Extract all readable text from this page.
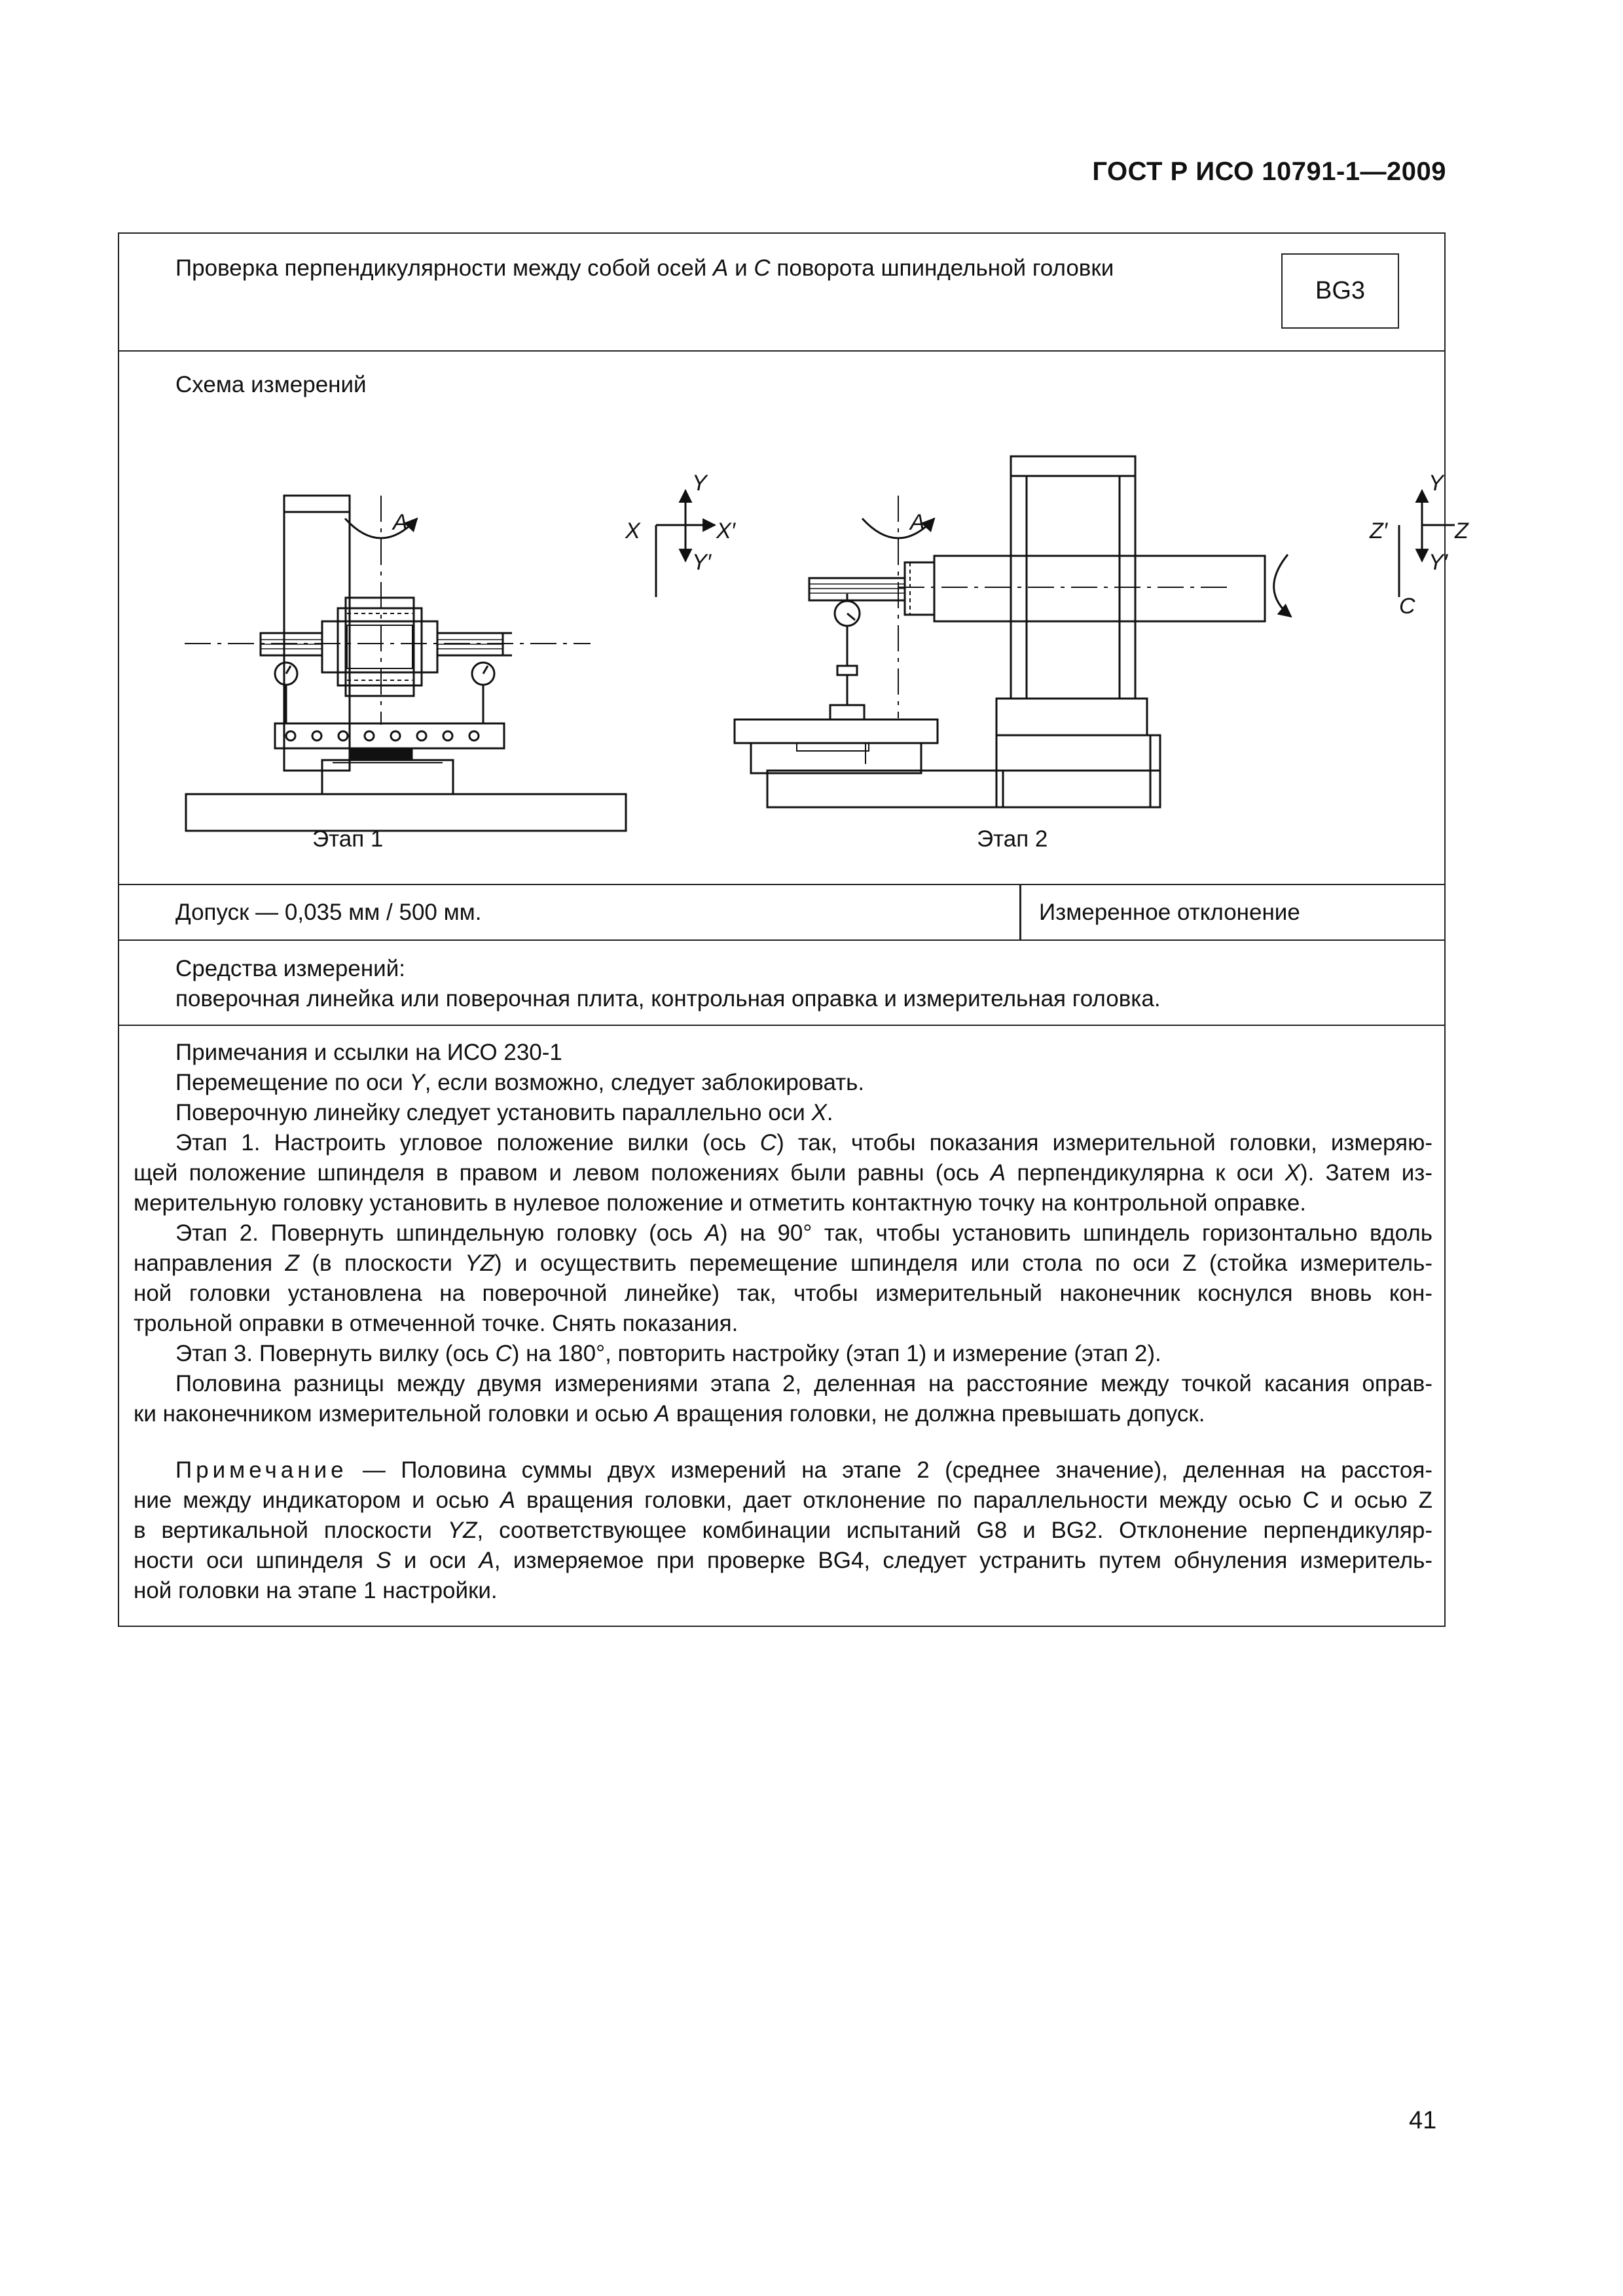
ГОСТ Р ИСО 10791-1—2009
Проверка перпендикулярности между собой осей A и C поворота шпиндельной головки
BG3
Схема измерений
A
Y
X	X′
Y′
A
Y
Z′	Z
Y′
C
Этап 1	Этап 2
Допуск — 0,035 мм / 500 мм.	Измеренное отклонение
Средства измерений:
поверочная линейка или поверочная плита, контрольная оправка и измерительная головка.
Примечания и ссылки на ИСО 230-1
Перемещение по оси Y, если возможно, следует заблокировать.
Поверочную линейку следует установить параллельно оси X.
Этап 1. Настроить угловое положение вилки (ось C) так, чтобы показания измерительной головки, измеряю-
щей положение шпинделя в правом и левом положениях были равны (ось A перпендикулярна к оси X). Затем из-
мерительную головку установить в нулевое положение и отметить контактную точку на контрольной оправке.
Этап 2. Повернуть шпиндельную головку (ось A) на 90° так, чтобы установить шпиндель горизонтально вдоль
направления Z (в плоскости YZ) и осуществить перемещение шпинделя или стола по оси Z (стойка измеритель-
ной головки установлена на поверочной линейке) так, чтобы измерительный наконечник коснулся вновь кон-
трольной оправки в отмеченной точке. Снять показания.
Этап 3. Повернуть вилку (ось C) на 180°, повторить настройку (этап 1) и измерение (этап 2).
Половина разницы между двумя измерениями этапа 2, деленная на расстояние между точкой касания оправ-
ки наконечником измерительной головки и осью A вращения головки, не должна превышать допуск.
Примечание — Половина суммы двух измерений на этапе 2 (среднее значение), деленная на расстоя-
ние между индикатором и осью A вращения головки, дает отклонение по параллельности между осью С и осью Z
в вертикальной плоскости YZ, соответствующее комбинации испытаний G8 и BG2. Отклонение перпендикуляр-
ности оси шпинделя S и оси A, измеряемое при проверке BG4, следует устранить путем обнуления измеритель-
ной головки на этапе 1 настройки.
41
